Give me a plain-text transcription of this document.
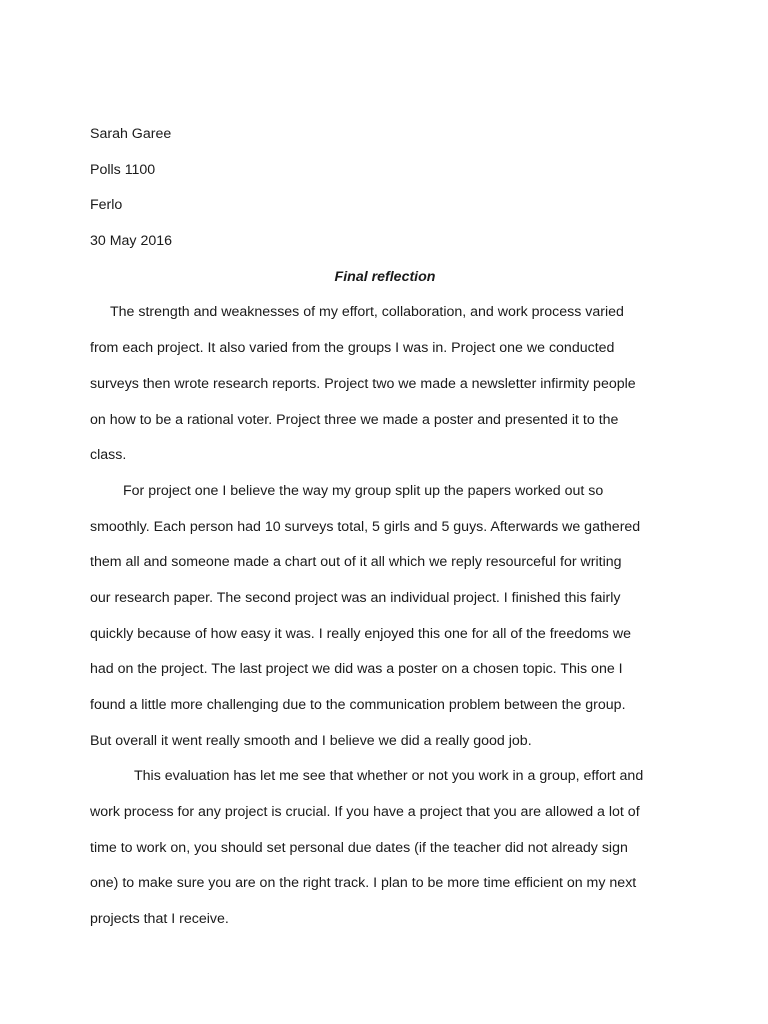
Sarah Garee
Polls 1100
Ferlo
30 May 2016
Final reflection
The strength and weaknesses of my effort, collaboration, and work process varied
from each project. It also varied from the groups I was in. Project one we conducted
surveys then wrote research reports. Project two we made a newsletter infirmity people
on how to be a rational voter. Project three we made a poster and presented it to the
class.
For project one I believe the way my group split up the papers worked out so
smoothly. Each person had 10 surveys total, 5 girls and 5 guys. Afterwards we gathered
them all and someone made a chart out of it all which we reply resourceful for writing
our research paper. The second project was an individual project. I finished this fairly
quickly because of how easy it was. I really enjoyed this one for all of the freedoms we
had on the project. The last project we did was a poster on a chosen topic. This one I
found a little more challenging due to the communication problem between the group.
But overall it went really smooth and I believe we did a really good job.
This evaluation has let me see that whether or not you work in a group, effort and
work process for any project is crucial. If you have a project that you are allowed a lot of
time to work on, you should set personal due dates (if the teacher did not already sign
one) to make sure you are on the right track. I plan to be more time efficient on my next
projects that I receive.
